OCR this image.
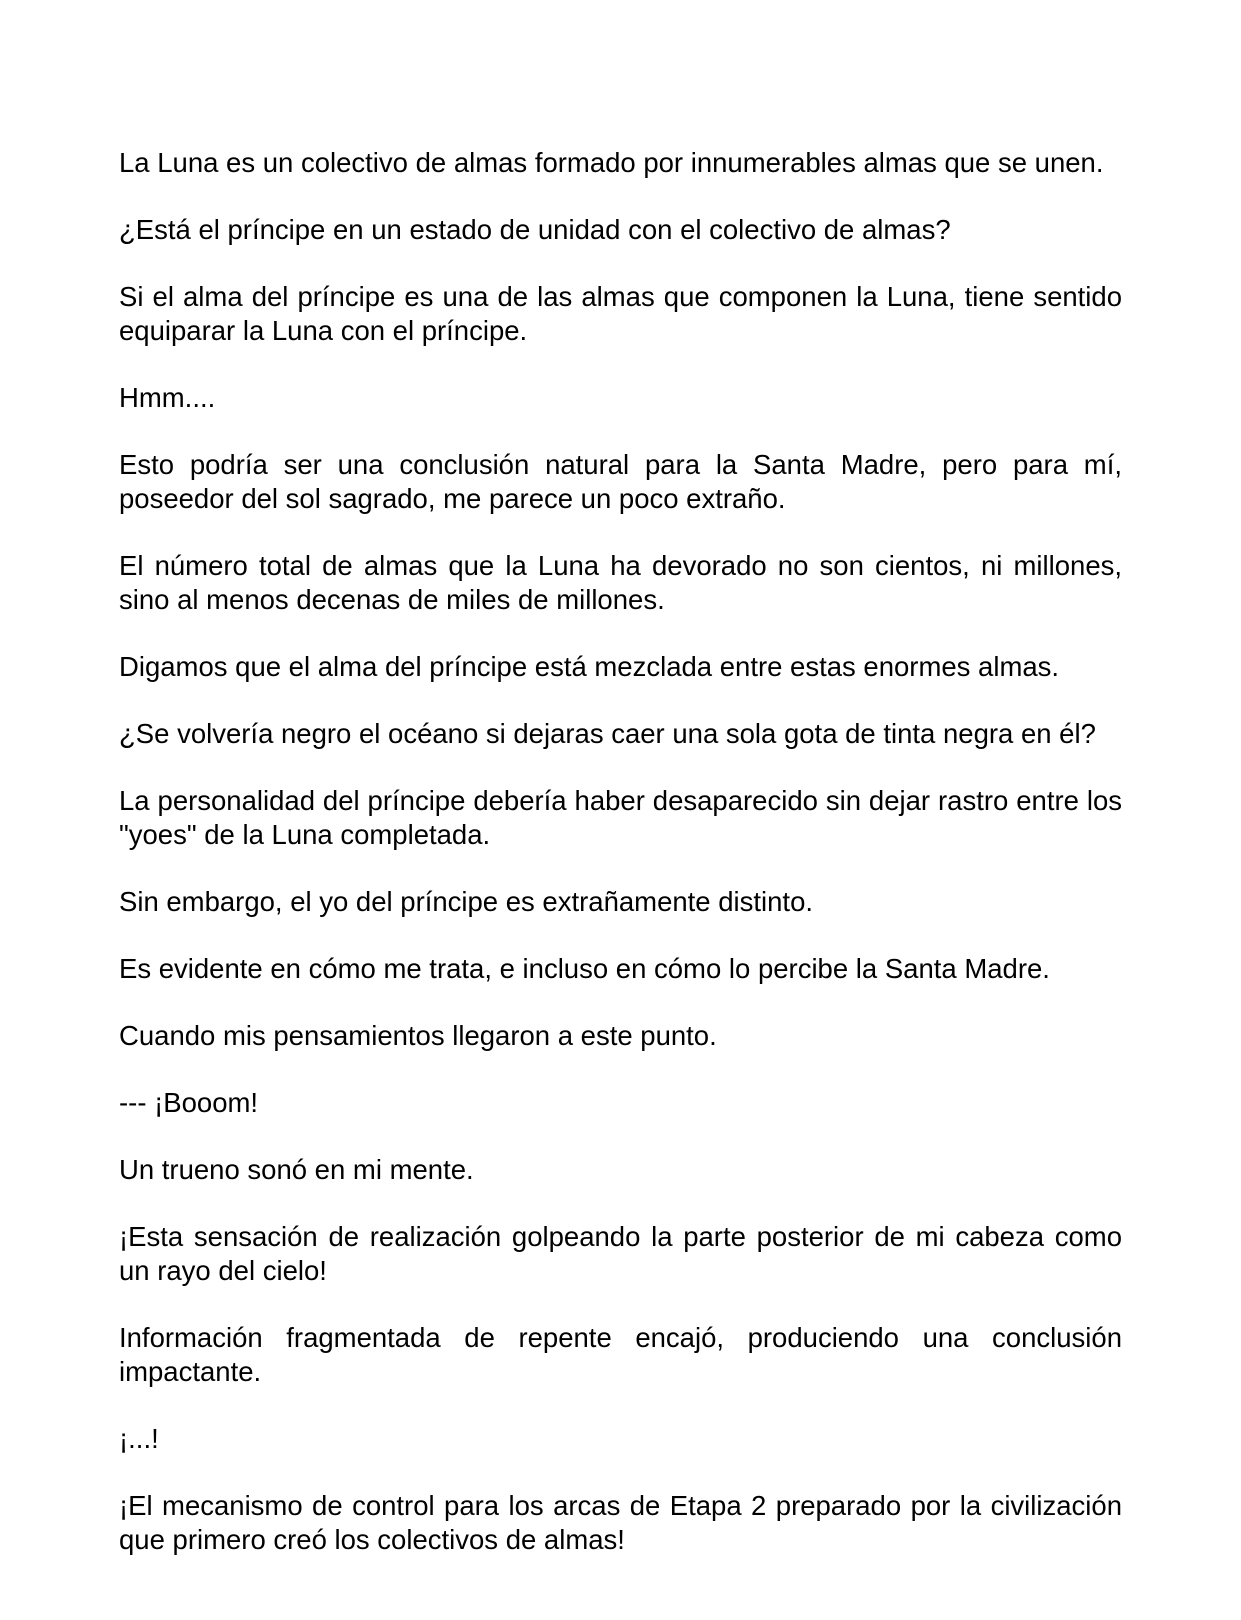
La Luna es un colectivo de almas formado por innumerables almas que se unen.

¿Está el príncipe en un estado de unidad con el colectivo de almas?

Si el alma del príncipe es una de las almas que componen la Luna, tiene sentido equiparar la Luna con el príncipe.

Hmm....

Esto podría ser una conclusión natural para la Santa Madre, pero para mí, poseedor del sol sagrado, me parece un poco extraño.

El número total de almas que la Luna ha devorado no son cientos, ni millones, sino al menos decenas de miles de millones.

Digamos que el alma del príncipe está mezclada entre estas enormes almas.

¿Se volvería negro el océano si dejaras caer una sola gota de tinta negra en él?

La personalidad del príncipe debería haber desaparecido sin dejar rastro entre los "yoes" de la Luna completada.

Sin embargo, el yo del príncipe es extrañamente distinto.

Es evidente en cómo me trata, e incluso en cómo lo percibe la Santa Madre.

Cuando mis pensamientos llegaron a este punto.

--- ¡Booom!

Un trueno sonó en mi mente.

¡Esta sensación de realización golpeando la parte posterior de mi cabeza como un rayo del cielo!

Información fragmentada de repente encajó, produciendo una conclusión impactante.

¡...!

¡El mecanismo de control para los arcas de Etapa 2 preparado por la civilización que primero creó los colectivos de almas!
